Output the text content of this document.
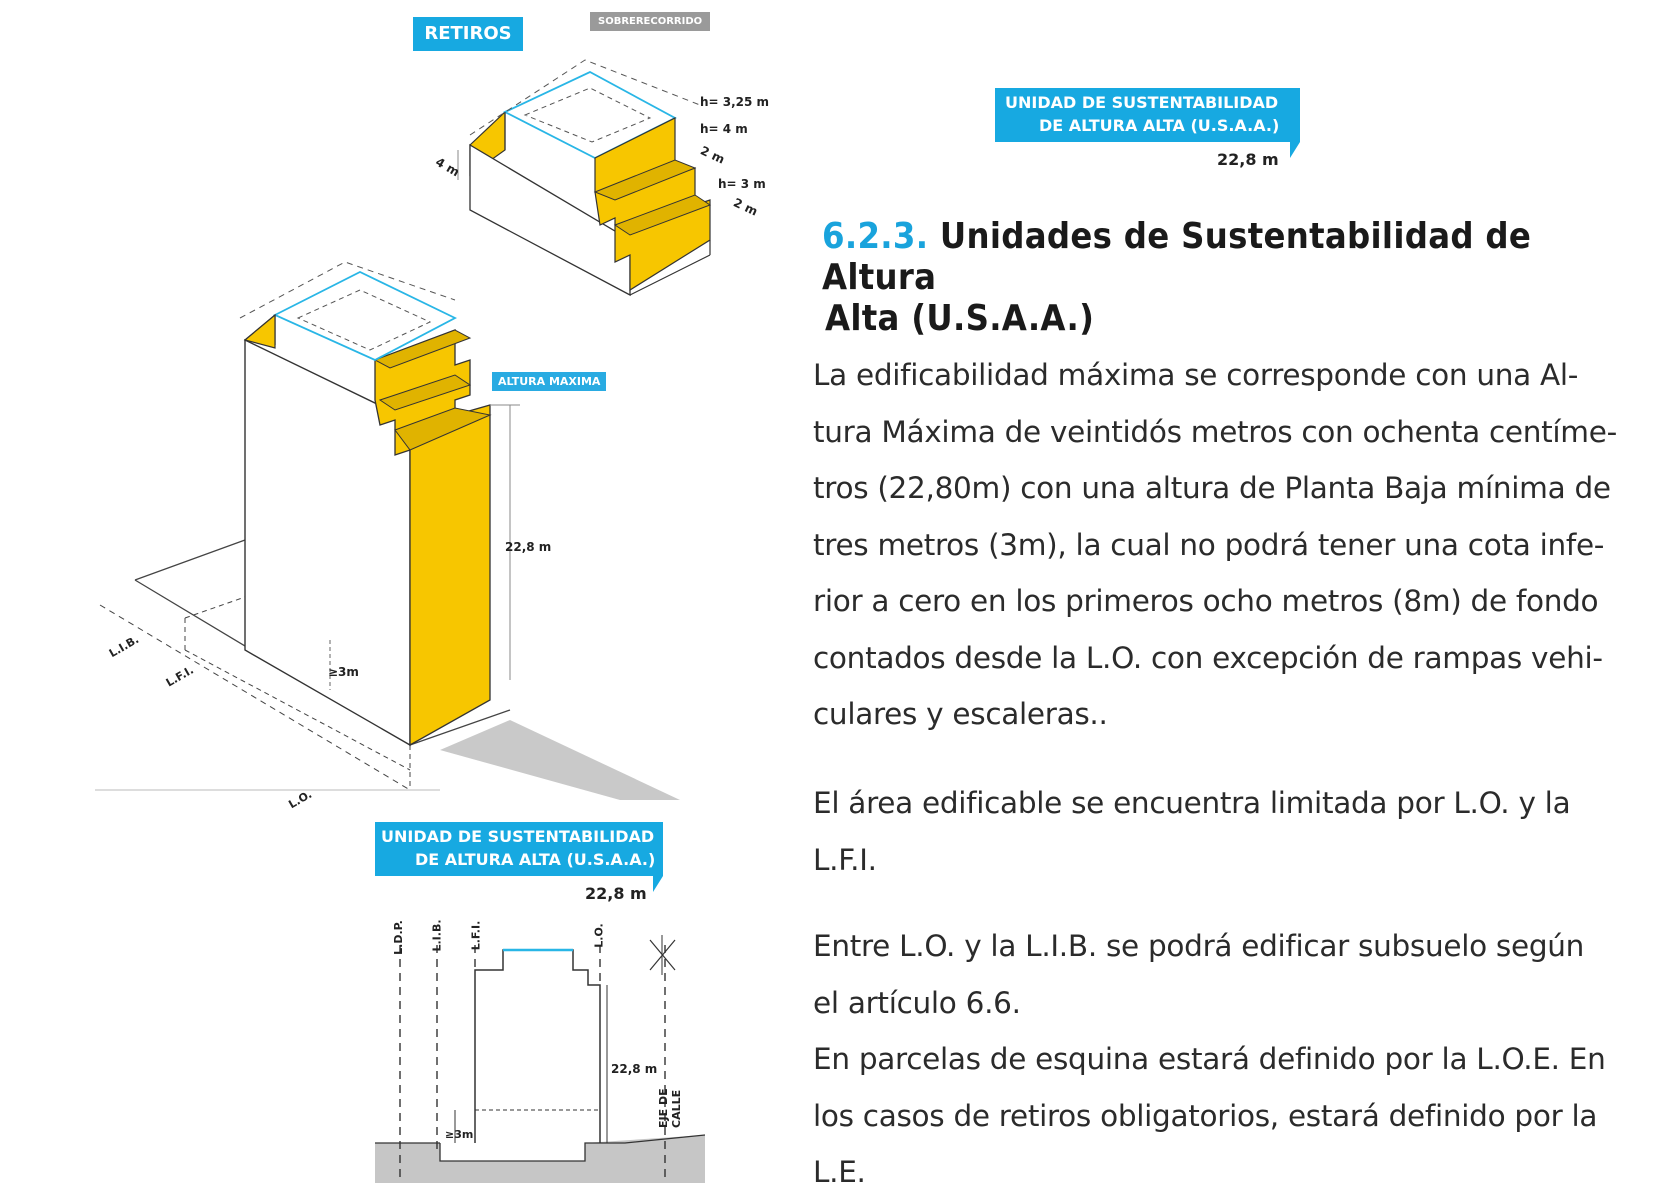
RETIROS
SOBRERECORRIDO
h= 3,25 m
h= 4 m
2 m
h= 3 m
2 m
4 m
ALTURA MAXIMA
22,8 m
≥3m
L.I.B.
L.F.I.
L.O.
UNIDAD DE SUSTENTABILIDAD
DE ALTURA ALTA (U.S.A.A.)
22,8 m
UNIDAD DE SUSTENTABILIDAD
DE ALTURA ALTA (U.S.A.A.)
22,8 m
L.D.P. L.I.B. L.F.I.	L.O.
22,8 m
≥3m
EJE DE CALLE
6.2.3. Unidades de Sustentabilidad de Altura
Alta (U.S.A.A.)

La edificabilidad máxima se corresponde con una Al-

tura Máxima de veintidós metros con ochenta centíme-

tros (22,80m) con una altura de Planta Baja mínima de

tres metros (3m), la cual no podrá tener una cota infe-

rior a cero en los primeros ocho metros (8m) de fondo

contados desde la L.O. con excepción de rampas vehi-

culares y escaleras..

El área edificable se encuentra limitada por L.O. y la

L.F.I.

Entre L.O. y la L.I.B. se podrá edificar subsuelo según

el artículo 6.6.

En parcelas de esquina estará definido por la L.O.E. En

los casos de retiros obligatorios, estará definido por la

L.E.
